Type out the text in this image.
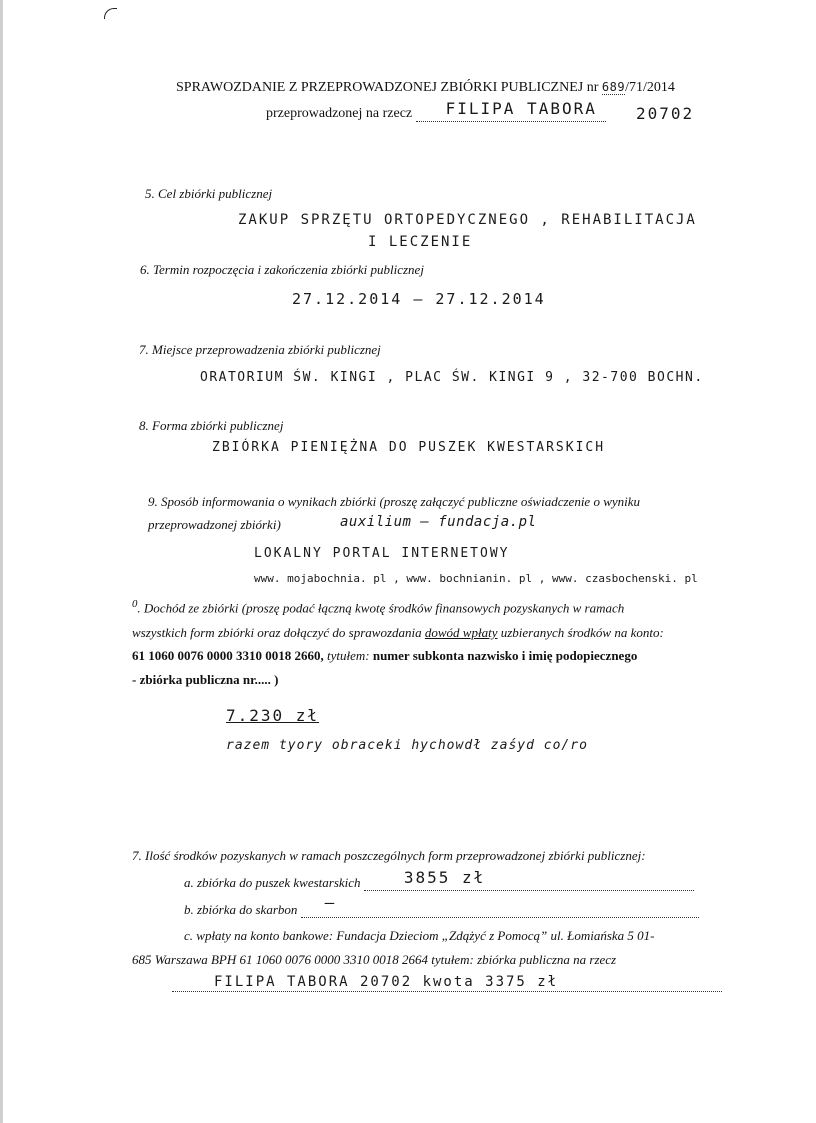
SPRAWOZDANIE Z PRZEPROWADZONEJ ZBIÓRKI PUBLICZNEJ nr 689/71/2014
przeprowadzonej na rzecz FILIPA TABORA 20702
5. Cel zbiórki publicznej
ZAKUP SPRZĘTU ORTOPEDYCZNEGO , REHABILITACJA
I LECZENIE
6. Termin rozpoczęcia i zakończenia zbiórki publicznej
27.12.2014 – 27.12.2014
7. Miejsce przeprowadzenia zbiórki publicznej
ORATORIUM ŚW. KINGI , PLAC ŚW. KINGI 9 , 32-700 BOCHN.
8. Forma zbiórki publicznej
ZBIÓRKA PIENIĘŻNA DO PUSZEK KWESTARSKICH
9. Sposób informowania o wynikach zbiórki (proszę załączyć publiczne oświadczenie o wyniku
przeprowadzonej zbiórki)	auxilium – fundacja.pl
LOKALNY PORTAL INTERNETOWY
www. mojabochnia. pl , www. bochnianin. pl , www. czasbochenski. pl
$^0$. Dochód ze zbiórki (proszę podać łączną kwotę środków finansowych pozyskanych w ramach
wszystkich form zbiórki oraz dołączyć do sprawozdania dowód wpłaty uzbieranych środków na konto:
61 1060 0076 0000 3310 0018 2660, tytułem: numer subkonta nazwisko i imię podopiecznego
- zbiórka publiczna nr..... )
7.230 zł
razem tyory obraceki hychowdł zaśyd co/ro
7. Ilość środków pozyskanych w ramach poszczególnych form przeprowadzonej zbiórki publicznej:
a. zbiórka do puszek kwestarskich	3855 zł
b. zbiórka do skarbon —
c. wpłaty na konto bankowe: Fundacja Dzieciom „Zdążyć z Pomocą” ul. Łomiańska 5 01-
685 Warszawa BPH 61 1060 0076 0000 3310 0018 2664 tytułem: zbiórka publiczna na rzecz
FILIPA TABORA 20702 kwota 3375 zł
